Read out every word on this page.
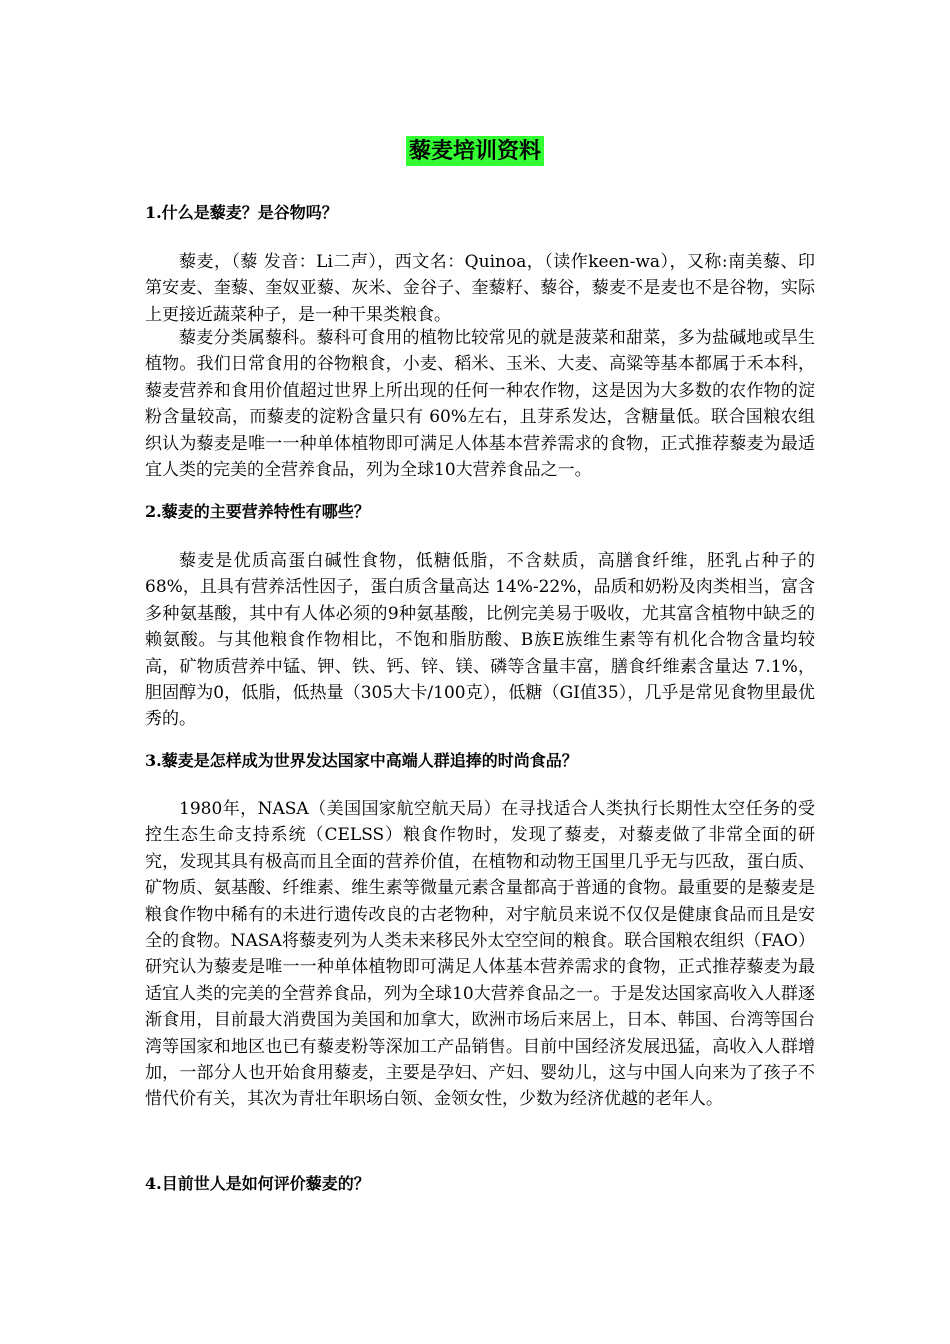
藜麦培训资料
1.什么是藜麦？是谷物吗？

藜麦，（藜 发音：Li二声），西文名：Quinoa，（读作keen-wa），又称:南美藜、印第安麦、奎藜、奎奴亚藜、灰米、金谷子、奎藜籽、藜谷，藜麦不是麦也不是谷物，实际上更接近蔬菜种子，是一种干果类粮食。

藜麦分类属藜科。藜科可食用的植物比较常见的就是菠菜和甜菜，多为盐碱地或旱生植物。我们日常食用的谷物粮食，小麦、稻米、玉米、大麦、高粱等基本都属于禾本科，藜麦营养和食用价值超过世界上所出现的任何一种农作物，这是因为大多数的农作物的淀粉含量较高，而藜麦的淀粉含量只有 60%左右，且芽系发达，含糖量低。联合国粮农组织认为藜麦是唯一一种单体植物即可满足人体基本营养需求的食物，正式推荐藜麦为最适宜人类的完美的全营养食品，列为全球10大营养食品之一。

2.藜麦的主要营养特性有哪些？

藜麦是优质高蛋白碱性食物，低糖低脂，不含麸质，高膳食纤维，胚乳占种子的68%，且具有营养活性因子，蛋白质含量高达 14%-22%，品质和奶粉及肉类相当，富含多种氨基酸，其中有人体必须的9种氨基酸，比例完美易于吸收，尤其富含植物中缺乏的赖氨酸。与其他粮食作物相比，不饱和脂肪酸、B族E族维生素等有机化合物含量均较高，矿物质营养中锰、钾、铁、钙、锌、镁、磷等含量丰富，膳食纤维素含量达 7.1%，胆固醇为0，低脂，低热量（305大卡/100克），低糖（GI值35），几乎是常见食物里最优秀的。

3.藜麦是怎样成为世界发达国家中高端人群追捧的时尚食品？

1980年，NASA（美国国家航空航天局）在寻找适合人类执行长期性太空任务的受控生态生命支持系统（CELSS）粮食作物时，发现了藜麦，对藜麦做了非常全面的研究，发现其具有极高而且全面的营养价值，在植物和动物王国里几乎无与匹敌，蛋白质、矿物质、氨基酸、纤维素、维生素等微量元素含量都高于普通的食物。最重要的是藜麦是粮食作物中稀有的未进行遗传改良的古老物种，对宇航员来说不仅仅是健康食品而且是安全的食物。NASA将藜麦列为人类未来移民外太空空间的粮食。联合国粮农组织（FAO）研究认为藜麦是唯一一种单体植物即可满足人体基本营养需求的食物，正式推荐藜麦为最适宜人类的完美的全营养食品，列为全球10大营养食品之一。于是发达国家高收入人群逐渐食用，目前最大消费国为美国和加拿大，欧洲市场后来居上，日本、韩国、台湾等国台湾等国家和地区也已有藜麦粉等深加工产品销售。目前中国经济发展迅猛，高收入人群增加，一部分人也开始食用藜麦，主要是孕妇、产妇、婴幼儿，这与中国人向来为了孩子不惜代价有关，其次为青壮年职场白领、金领女性，少数为经济优越的老年人。

4.目前世人是如何评价藜麦的？
